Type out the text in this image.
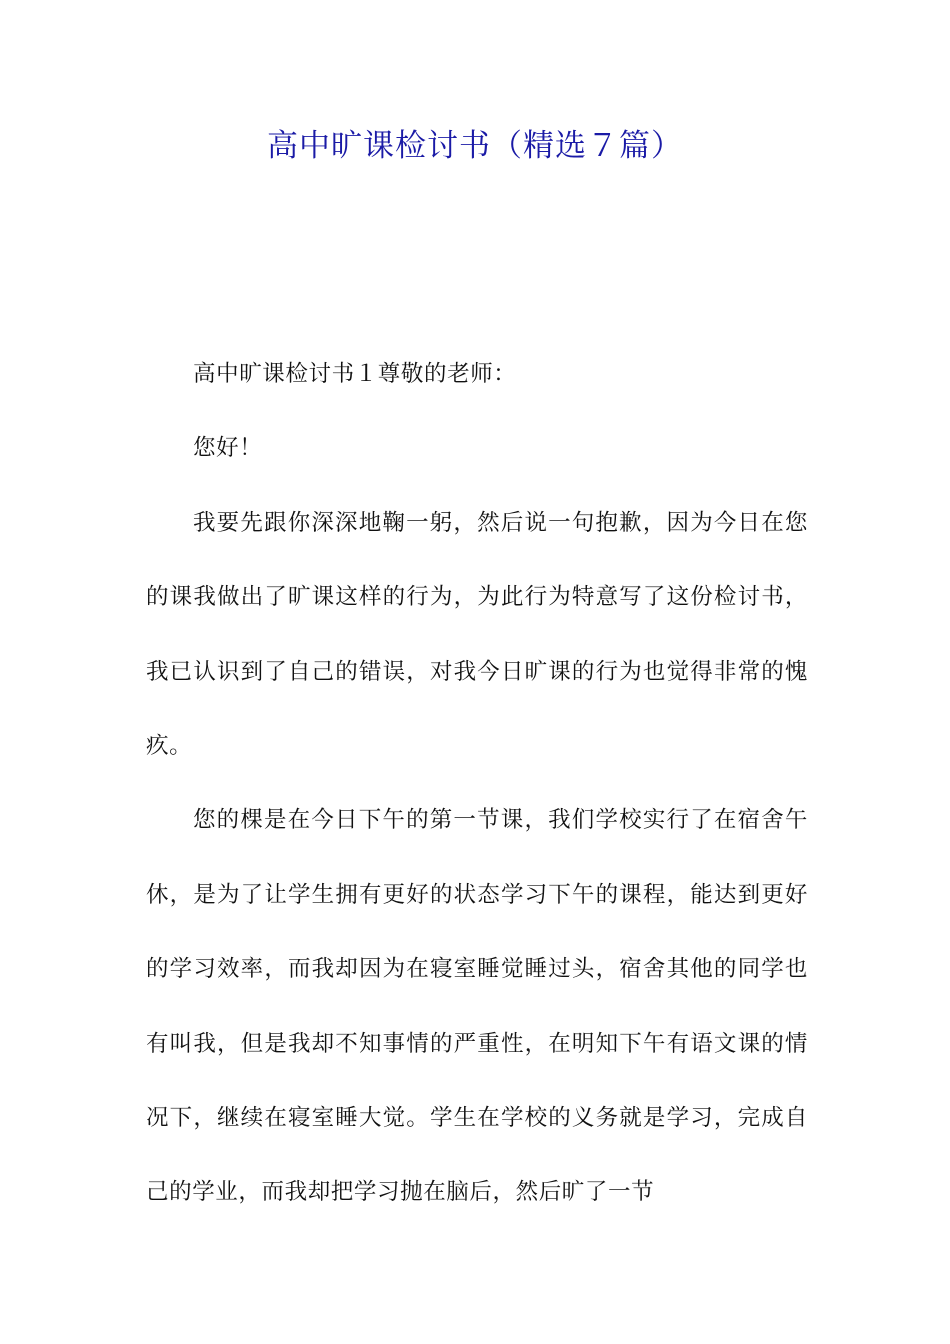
高中旷课检讨书（精选７篇）

高中旷课检讨书１尊敬的老师：

您好！

我要先跟你深深地鞠一躬，然后说一句抱歉，因为今日在您的课我做出了旷课这样的行为，为此行为特意写了这份检讨书，我已认识到了自己的错误，对我今日旷课的行为也觉得非常的愧疚。

您的棵是在今日下午的第一节课，我们学校实行了在宿舍午休，是为了让学生拥有更好的状态学习下午的课程，能达到更好的学习效率，而我却因为在寝室睡觉睡过头，宿舍其他的同学也有叫我，但是我却不知事情的严重性，在明知下午有语文课的情况下，继续在寝室睡大觉。学生在学校的义务就是学习，完成自己的学业，而我却把学习抛在脑后，然后旷了一节
